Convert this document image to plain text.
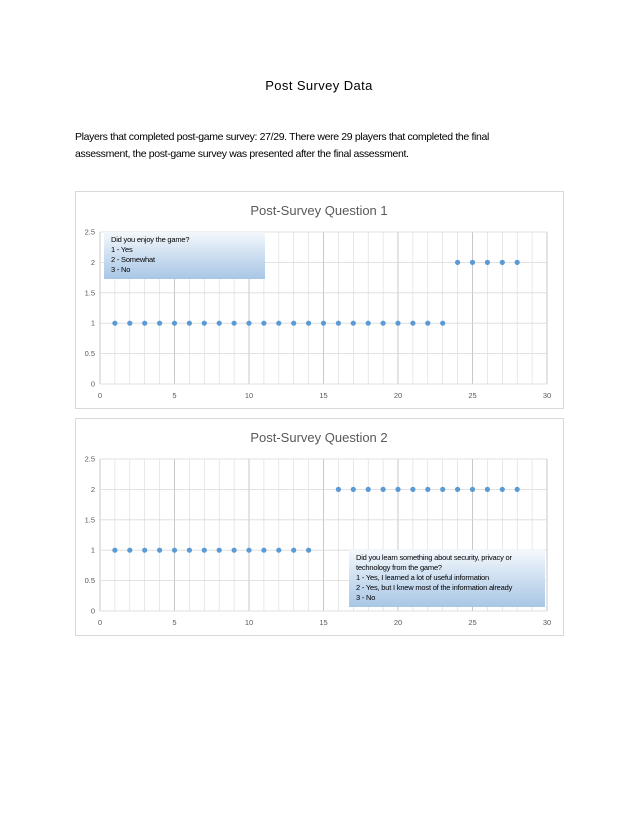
Post Survey Data
Players that completed post-game survey: 27/29. There were 29 players that completed the final
assessment, the post-game survey was presented after the final assessment.
Post-Survey Question 1
0	5	10	15	20	25	30
0
0.5
1
1.5
2
2.5
Did you enjoy the game?
1 - Yes
2 - Somewhat
3 - No
Post-Survey Question 2
0	5	10	15	20	25	30
0
0.5
1
1.5
2
2.5
Did you learn something about security, privacy or
technology from the game?
1 - Yes, I learned a lot of useful information
2 - Yes, but I knew most of the information already
3 - No
